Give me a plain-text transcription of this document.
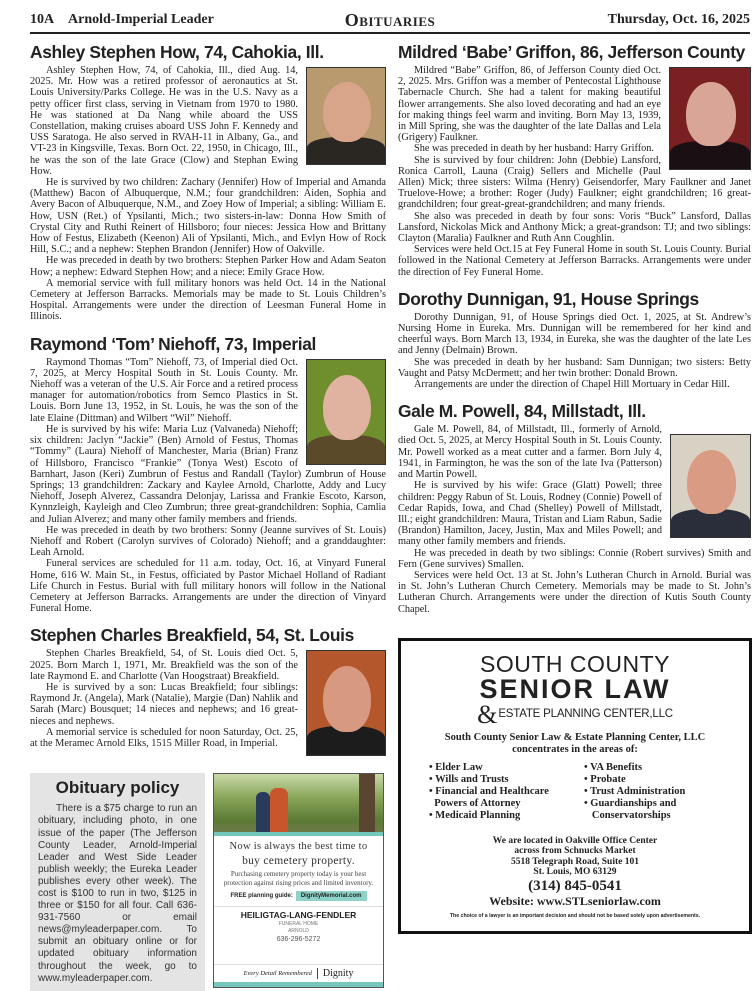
10A Arnold-Imperial Leader	Obituaries	Thursday, Oct. 16, 2025
Ashley Stephen How, 74, Cahokia, Ill.

Ashley Stephen How, 74, of Cahokia, Ill., died Aug. 14, 2025. Mr. How was a retired professor of aeronautics at St. Louis University/Parks College. He was in the U.S. Navy as a petty officer first class, serving in Vietnam from 1970 to 1980. He was stationed at Da Nang while aboard the USS Constellation, making cruises aboard USS John F. Kennedy and USS Saratoga. He also served in RVAH-11 in Albany, Ga., and VT-23 in Kingsville, Texas. Born Oct. 22, 1950, in Chicago, Ill., he was the son of the late Grace (Clow) and Stephan Ewing How.

He is survived by two children: Zachary (Jennifer) How of Imperial and Amanda (Matthew) Bacon of Albuquerque, N.M.; four grandchildren: Aiden, Sophia and Avery Bacon of Albuquerque, N.M., and Zoey How of Imperial; a sibling: William E. How, USN (Ret.) of Ypsilanti, Mich.; two sisters-in-law: Donna How Smith of Crystal City and Ruthi Reinert of Hillsboro; four nieces: Jessica How and Brittany How of Festus, Elizabeth (Keenon) Ali of Ypsilanti, Mich., and Evlyn How of Rock Hill, S.C.; and a nephew: Stephen Brandon (Jennifer) How of Oakville.

He was preceded in death by two brothers: Stephen Parker How and Adam Seaton How; a nephew: Edward Stephen How; and a niece: Emily Grace How.

A memorial service with full military honors was held Oct. 14 in the National Cemetery at Jefferson Barracks. Memorials may be made to St. Louis Children’s Hospital. Arrangements were under the direction of Leesman Funeral Home in Illinois.

Raymond ‘Tom’ Niehoff, 73, Imperial

Raymond Thomas “Tom” Niehoff, 73, of Imperial died Oct. 7, 2025, at Mercy Hospital South in St. Louis County. Mr. Niehoff was a veteran of the U.S. Air Force and a retired process manager for automation/robotics from Semco Plastics in St. Louis. Born June 13, 1952, in St. Louis, he was the son of the late Elaine (Dittman) and Wilbert “Wil” Niehoff.

He is survived by his wife: Maria Luz (Valvaneda) Niehoff; six children: Jaclyn “Jackie” (Ben) Arnold of Festus, Thomas “Tommy” (Laura) Niehoff of Manchester, Maria (Brian) Franz of Hillsboro, Francisco “Frankie” (Tonya West) Escoto of Barnhart, Jason (Keri) Zumbrun of Festus and Randall (Taylor) Zumbrun of House Springs; 13 grandchildren: Zackary and Kaylee Arnold, Charlotte, Addy and Lucy Niehoff, Joseph Alverez, Cassandra Delonjay, Larissa and Frankie Escoto, Karson, Kynnzleigh, Kayleigh and Cleo Zumbrun; three great-grandchildren: Sophia, Camlia and Julian Alverez; and many other family members and friends.

He was preceded in death by two brothers: Sonny (Jeanne survives of St. Louis) Niehoff and Robert (Carolyn survives of Colorado) Niehoff; and a granddaughter: Leah Arnold.

Funeral services are scheduled for 11 a.m. today, Oct. 16, at Vinyard Funeral Home, 616 W. Main St., in Festus, officiated by Pastor Michael Holland of Radiant Life Church in Festus. Burial with full military honors will follow in the National Cemetery at Jefferson Barracks. Arrangements are under the direction of Vinyard Funeral Home.

Stephen Charles Breakfield, 54, St. Louis

Stephen Charles Breakfield, 54, of St. Louis died Oct. 5, 2025. Born March 1, 1971, Mr. Breakfield was the son of the late Raymond E. and Charlotte (Van Hoogstraat) Breakfield.

He is survived by a son: Lucas Breakfield; four siblings: Raymond Jr. (Angela), Mark (Natalie), Margie (Dan) Nahlik and Sarah (Marc) Bousquet; 14 nieces and nephews; and 16 great-nieces and nephews.

A memorial service is scheduled for noon Saturday, Oct. 25, at the Meramec Arnold Elks, 1515 Miller Road, in Imperial.

Obituary policy

There is a $75 charge to run an obituary, including photo, in one issue of the paper (The Jefferson County Leader, Arnold-Imperial Leader and West Side Leader publish weekly; the Eureka Leader publishes every other week). The cost is $100 to run in two, $125 in three or $150 for all four. Call 636-931-7560 or email news@myleaderpaper.com. To submit an obituary online or for updated obituary information throughout the week, go to www.myleaderpaper.com.

Now is always the best time to
buy cemetery property.
Purchasing cemetery property today is your best protection against rising prices and limited inventory.
FREE planning guide: DignityMemorial.com
HEILIGTAG-LANG-FENDLER
FUNERAL HOME
ARNOLD
636-296-5272
Every Detail Remembered	Dignity
Mildred ‘Babe’ Griffon, 86, Jefferson County

Mildred “Babe” Griffon, 86, of Jefferson County died Oct. 2, 2025. Mrs. Griffon was a member of Pentecostal Lighthouse Tabernacle Church. She had a talent for making beautiful flower arrangements. She also loved decorating and had an eye for making things feel warm and inviting. Born May 13, 1939, in Mill Spring, she was the daughter of the late Dallas and Lela (Grigery) Faulkner.

She was preceded in death by her husband: Harry Griffon.

She is survived by four children: John (Debbie) Lansford, Ronica Carroll, Launa (Craig) Sellers and Michelle (Paul Allen) Mick; three sisters: Wilma (Henry) Geisendorfer, Mary Faulkner and Janet Truelove-Howe; a brother: Roger (Judy) Faulkner; eight grandchildren; 16 great-grandchildren; four great-great-grandchildren; and many friends.

She also was preceded in death by four sons: Voris “Buck” Lansford, Dallas Lansford, Nickolas Mick and Anthony Mick; a great-grandson: TJ; and two siblings: Clayton (Maralia) Faulkner and Ruth Ann Coughlin.

Services were held Oct.15 at Fey Funeral Home in south St. Louis County. Burial followed in the National Cemetery at Jefferson Barracks. Arrangements were under the direction of Fey Funeral Home.

Dorothy Dunnigan, 91, House Springs

Dorothy Dunnigan, 91, of House Springs died Oct. 1, 2025, at St. Andrew’s Nursing Home in Eureka. Mrs. Dunnigan will be remembered for her kind and cheerful ways. Born March 13, 1934, in Eureka, she was the daughter of the late Les and Jenny (Delmain) Brown.

She was preceded in death by her husband: Sam Dunnigan; two sisters: Betty Vaught and Patsy McDermett; and her twin brother: Donald Brown.

Arrangements are under the direction of Chapel Hill Mortuary in Cedar Hill.

Gale M. Powell, 84, Millstadt, Ill.

Gale M. Powell, 84, of Millstadt, Ill., formerly of Arnold, died Oct. 5, 2025, at Mercy Hospital South in St. Louis County. Mr. Powell worked as a meat cutter and a farmer. Born July 4, 1941, in Farmington, he was the son of the late Iva (Patterson) and Martin Powell.

He is survived by his wife: Grace (Glatt) Powell; three children: Peggy Rabun of St. Louis, Rodney (Connie) Powell of Cedar Rapids, Iowa, and Chad (Shelley) Powell of Millstadt, Ill.; eight grandchildren: Maura, Tristan and Liam Rabun, Sadie (Brandon) Hamilton, Jacey, Justin, Max and Miles Powell; and many other family members and friends.

He was preceded in death by two siblings: Connie (Robert survives) Smith and Fern (Gene survives) Smallen.

Services were held Oct. 13 at St. John’s Lutheran Church in Arnold. Burial was in St. John’s Lutheran Church Cemetery. Memorials may be made to St. John’s Lutheran Church. Arrangements were under the direction of Kutis South County Chapel.

SOUTH COUNTY
SENIOR LAW
& ESTATE PLANNING CENTER,LLC
South County Senior Law & Estate Planning Center, LLC
concentrates in the areas of:
• Elder Law
• Wills and Trusts
• Financial and Healthcare
Powers of Attorney
• Medicaid Planning
• VA Benefits
• Probate
• Trust Administration
• Guardianships and
Conservatorships
We are located in Oakville Office Center
across from Schnucks Market
5518 Telegraph Road, Suite 101
St. Louis, MO 63129
(314) 845-0541
Website: www.STLseniorlaw.com
The choice of a lawyer is an important decision and should not be based solely upon advertisements.
